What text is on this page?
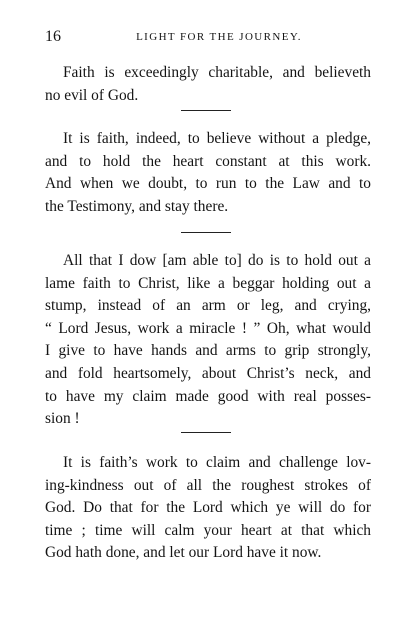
16	LIGHT FOR THE JOURNEY.
Faith is exceedingly charitable, and believeth
no evil of God.
It is faith, indeed, to believe without a pledge,
and to hold the heart constant at this work.
And when we doubt, to run to the Law and to
the Testimony, and stay there.
All that I dow [am able to] do is to hold out a
lame faith to Christ, like a beggar holding out a
stump, instead of an arm or leg, and crying,
“ Lord Jesus, work a miracle ! ” Oh, what would
I give to have hands and arms to grip strongly,
and fold heartsomely, about Christ’s neck, and
to have my claim made good with real posses-
sion !
It is faith’s work to claim and challenge lov-
ing-kindness out of all the roughest strokes of
God. Do that for the Lord which ye will do for
time ; time will calm your heart at that which
God hath done, and let our Lord have it now.
